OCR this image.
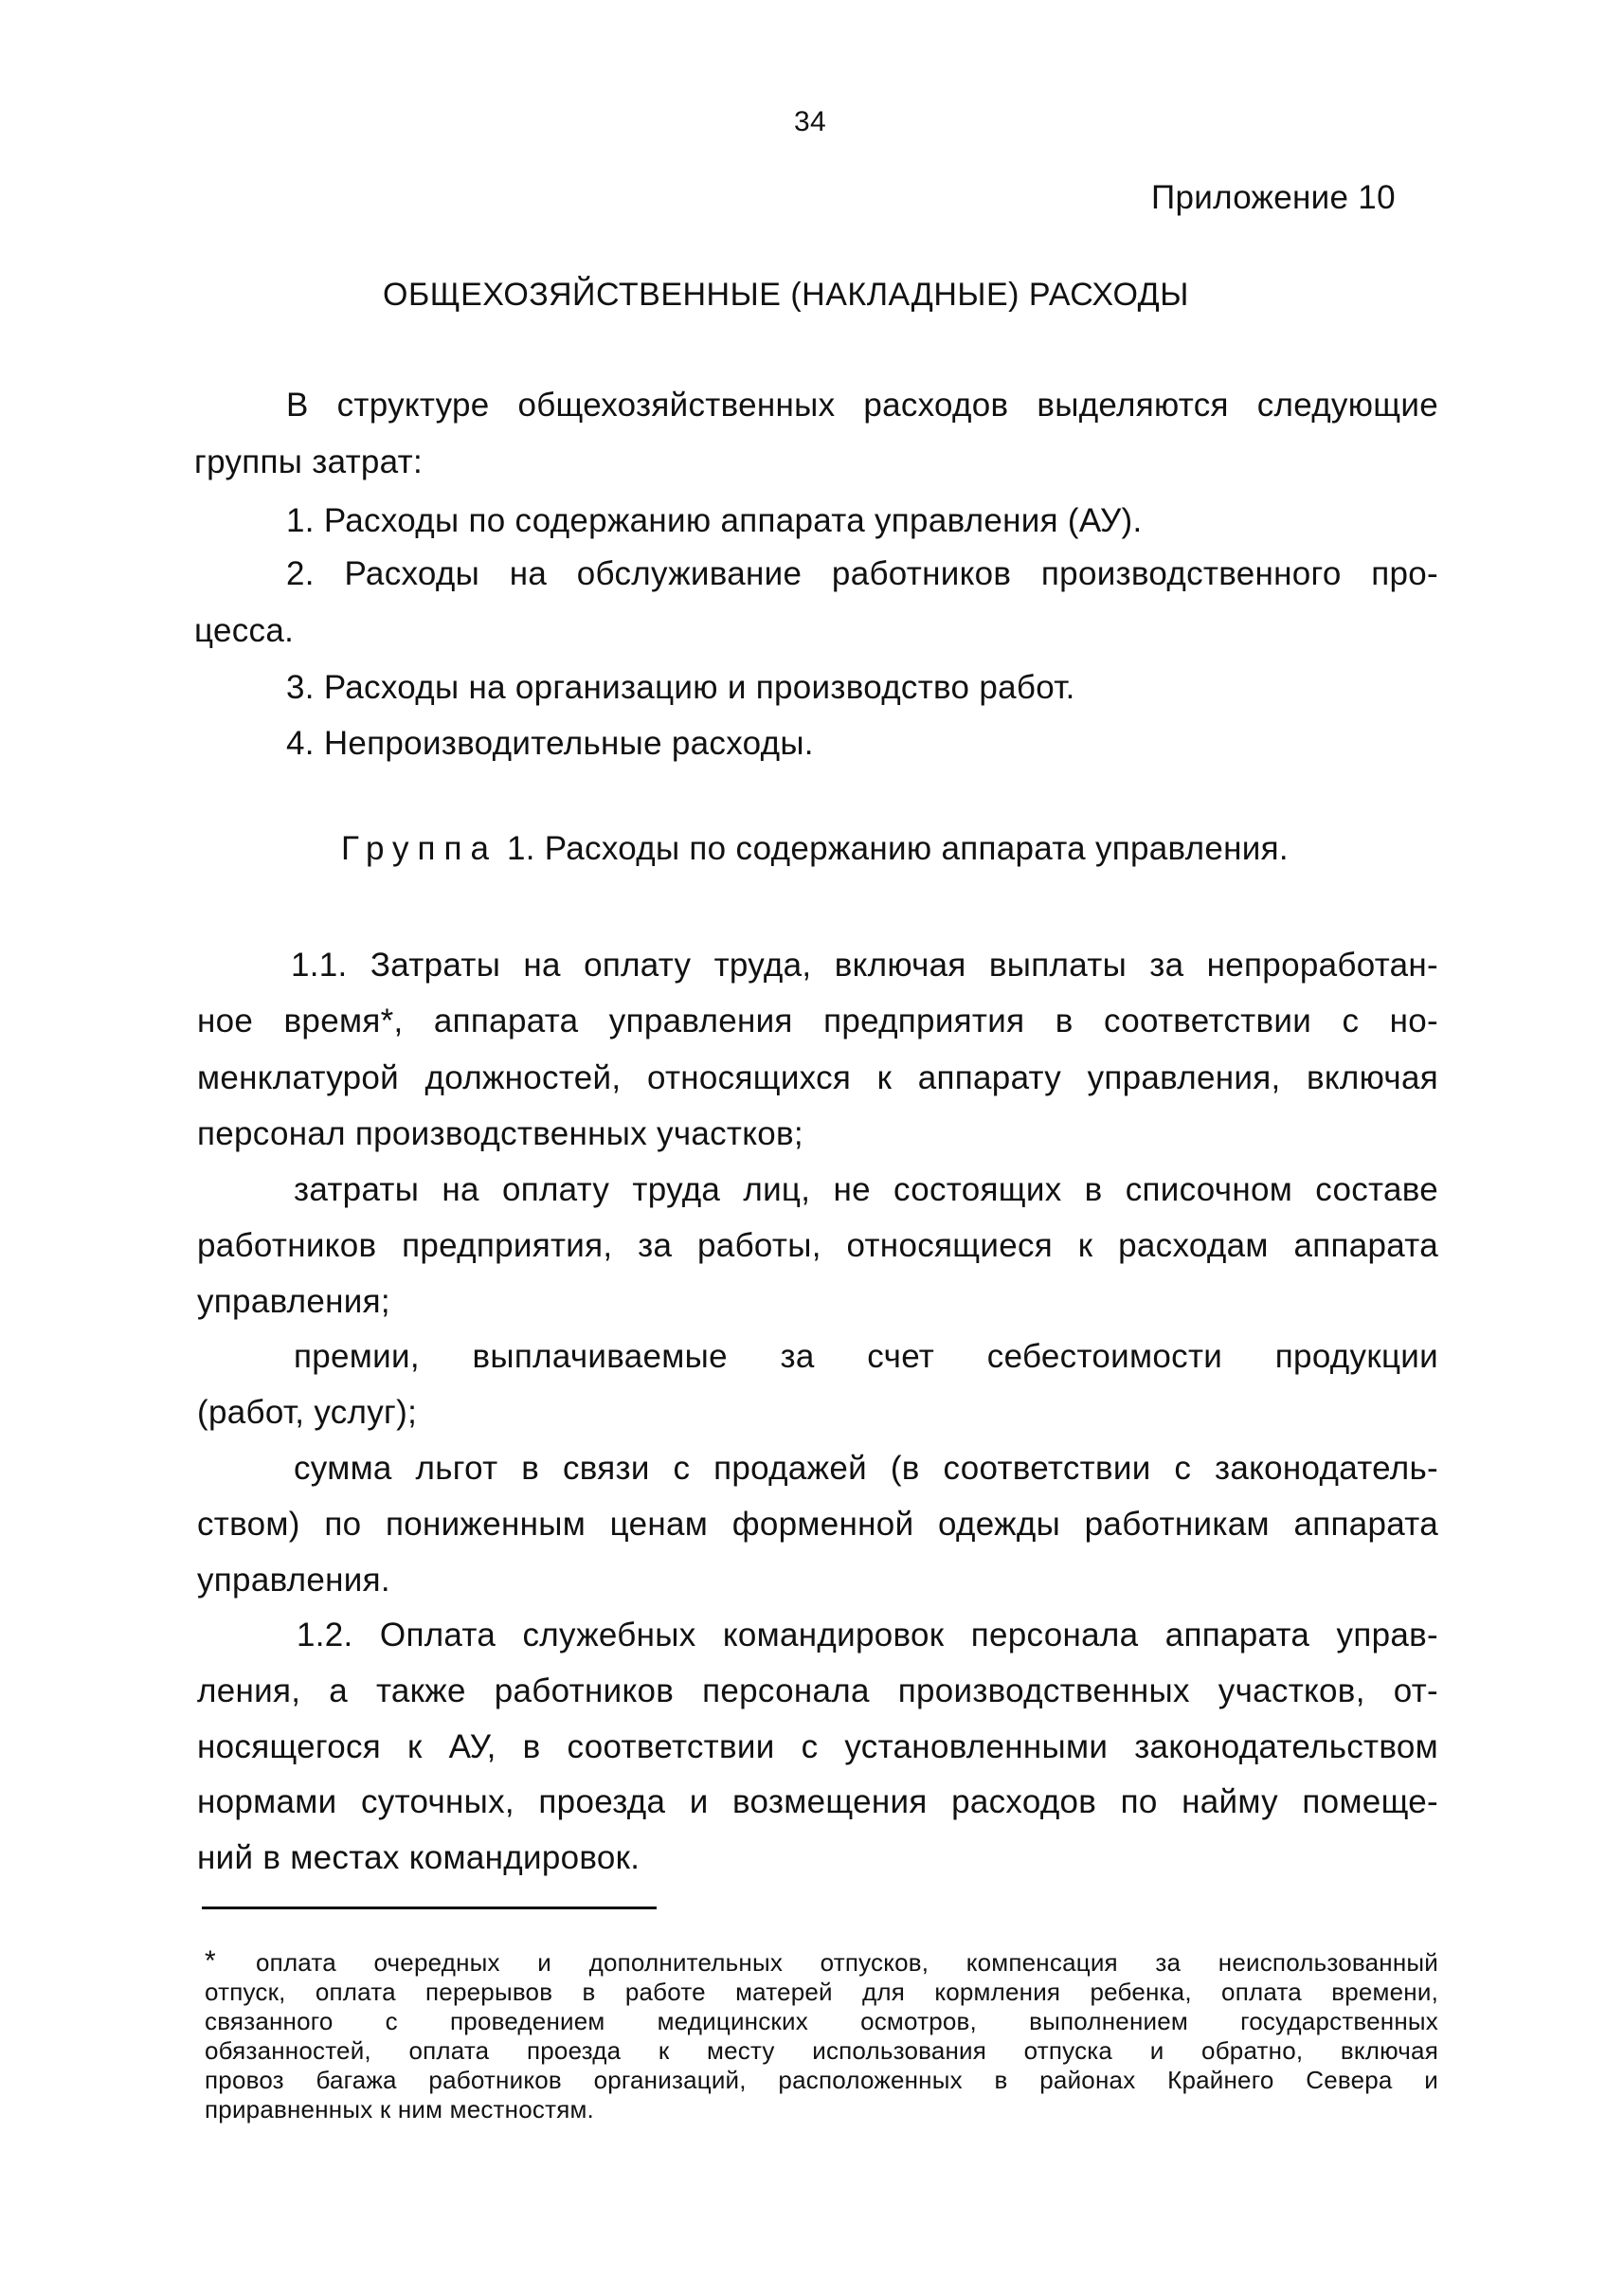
34
Приложение 10
ОБЩЕХОЗЯЙСТВЕННЫЕ (НАКЛАДНЫЕ) РАСХОДЫ
В структуре общехозяйственных расходов выделяются следующие
группы затрат:
1. Расходы по содержанию аппарата управления (АУ).
2. Расходы на обслуживание работников производственного про-
цесса.
3. Расходы на организацию и производство работ.
4. Непроизводительные расходы.
Группа 1. Расходы по содержанию аппарата управления.
1.1. Затраты на оплату труда, включая выплаты за непроработан-
ное время*, аппарата управления предприятия в соответствии с но-
менклатурой должностей, относящихся к аппарату управления, включая
персонал производственных участков;
затраты на оплату труда лиц, не состоящих в списочном составе
работников предприятия, за работы, относящиеся к расходам аппарата
управления;
премии, выплачиваемые за счет себестоимости продукции
(работ, услуг);
сумма льгот в связи с продажей (в соответствии с законодатель-
ством) по пониженным ценам форменной одежды работникам аппарата
управления.
1.2. Оплата служебных командировок персонала аппарата управ-
ления, а также работников персонала производственных участков, от-
носящегося к АУ, в соответствии с установленными законодательством
нормами суточных, проезда и возмещения расходов по найму помеще-
ний в местах командировок.
* оплата очередных и дополнительных отпусков, компенсация за неиспользованный
отпуск, оплата перерывов в работе матерей для кормления ребенка, оплата времени,
связанного с проведением медицинских осмотров, выполнением государственных
обязанностей, оплата проезда к месту использования отпуска и обратно, включая
провоз багажа работников организаций, расположенных в районах Крайнего Севера и
приравненных к ним местностям.
